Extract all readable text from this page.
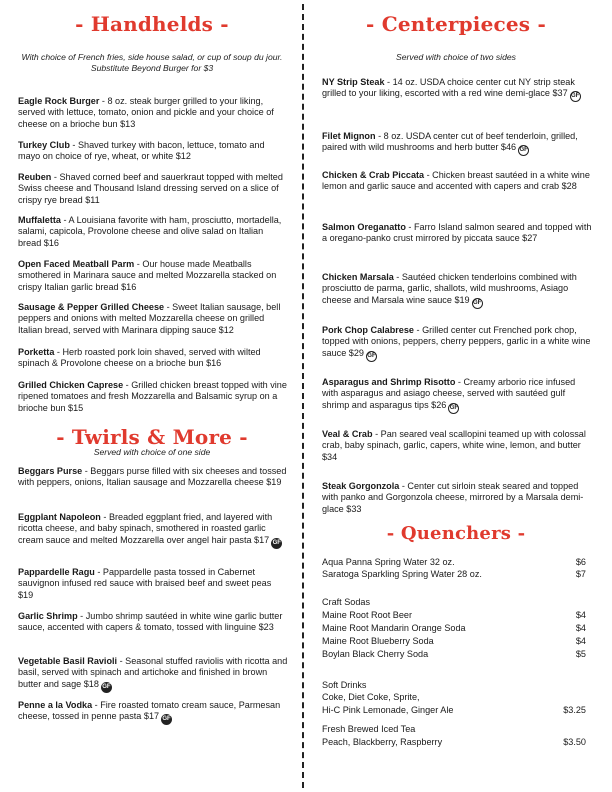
- Handhelds -
With choice of French fries, side house salad, or cup of soup du jour.
Substitute Beyond Burger for $3
Eagle Rock Burger - 8 oz. steak burger grilled to your liking, served with lettuce, tomato, onion and pickle and your choice of cheese on a brioche bun $13
Turkey Club - Shaved turkey with bacon, lettuce, tomato and mayo on choice of rye, wheat, or white $12
Reuben - Shaved corned beef and sauerkraut topped with melted Swiss cheese and Thousand Island dressing served on a slice of crispy rye bread $11
Muffaletta - A Louisiana favorite with ham, prosciutto, mortadella, salami, capicola, Provolone cheese and olive salad on Italian bread $16
Open Faced Meatball Parm - Our house made Meatballs smothered in Marinara sauce and melted Mozzarella stacked on crispy Italian garlic bread $16
Sausage & Pepper Grilled Cheese - Sweet Italian sausage, bell peppers and onions with melted Mozzarella cheese on grilled Italian bread, served with Marinara dipping sauce $12
Porketta - Herb roasted pork loin shaved, served with wilted spinach & Provolone cheese on a brioche bun $16
Grilled Chicken Caprese - Grilled chicken breast topped with vine ripened tomatoes and fresh Mozzarella and Balsamic syrup on a brioche bun $15
- Twirls & More -
Served with choice of one side
Beggars Purse - Beggars purse filled with six cheeses and tossed with peppers, onions, Italian sausage and Mozzarella cheese $19
Eggplant Napoleon - Breaded eggplant fried, and layered with ricotta cheese, and baby spinach, smothered in roasted garlic cream sauce and melted Mozzarella over angel hair pasta $17 GF
Pappardelle Ragu - Pappardelle pasta tossed in Cabernet sauvignon infused red sauce with braised beef and sweet peas $19
Garlic Shrimp - Jumbo shrimp sautéed in white wine garlic butter sauce, accented with capers & tomato, tossed with linguine $23
Vegetable Basil Ravioli - Seasonal stuffed raviolis with ricotta and basil, served with spinach and artichoke and finished in brown butter and sage $18 GF
Penne a la Vodka - Fire roasted tomato cream sauce, Parmesan cheese, tossed in penne pasta $17 GF
- Centerpieces -
Served with choice of two sides
NY Strip Steak - 14 oz. USDA choice center cut NY strip steak grilled to your liking, escorted with a red wine demi-glace $37 GF
Filet Mignon - 8 oz. USDA center cut of beef tenderloin, grilled, paired with wild mushrooms and herb butter $46 GF
Chicken & Crab Piccata - Chicken breast sautéed in a white wine lemon and garlic sauce and accented with capers and crab $28
Salmon Oreganatto - Farro Island salmon seared and topped with a oregano-panko crust mirrored by piccata sauce $27
Chicken Marsala - Sautéed chicken tenderloins combined with prosciutto de parma, garlic, shallots, wild mushrooms, Asiago cheese and Marsala wine sauce $19 GF
Pork Chop Calabrese - Grilled center cut Frenched pork chop, topped with onions, peppers, cherry peppers, garlic in a white wine sauce $29 GF
Asparagus and Shrimp Risotto - Creamy arborio rice infused with asparagus and asiago cheese, served with sautéed gulf shrimp and asparagus tips $26 GF
Veal & Crab - Pan seared veal scallopini teamed up with colossal crab, baby spinach, garlic, capers, white wine, lemon, and butter $34
Steak Gorgonzola - Center cut sirloin steak seared and topped with panko and Gorgonzola cheese, mirrored by a Marsala demi-glace $33
- Quenchers -
Aqua Panna Spring Water 32 oz.	$6
Saratoga Sparkling Spring Water 28 oz.	$7
Craft Sodas
Maine Root Root Beer	$4
Maine Root Mandarin Orange Soda	$4
Maine Root Blueberry Soda	$4
Boylan Black Cherry Soda	$5
Soft Drinks
Coke, Diet Coke, Sprite,
Hi-C Pink Lemonade, Ginger Ale	$3.25
Fresh Brewed Iced Tea
Peach, Blackberry, Raspberry	$3.50
